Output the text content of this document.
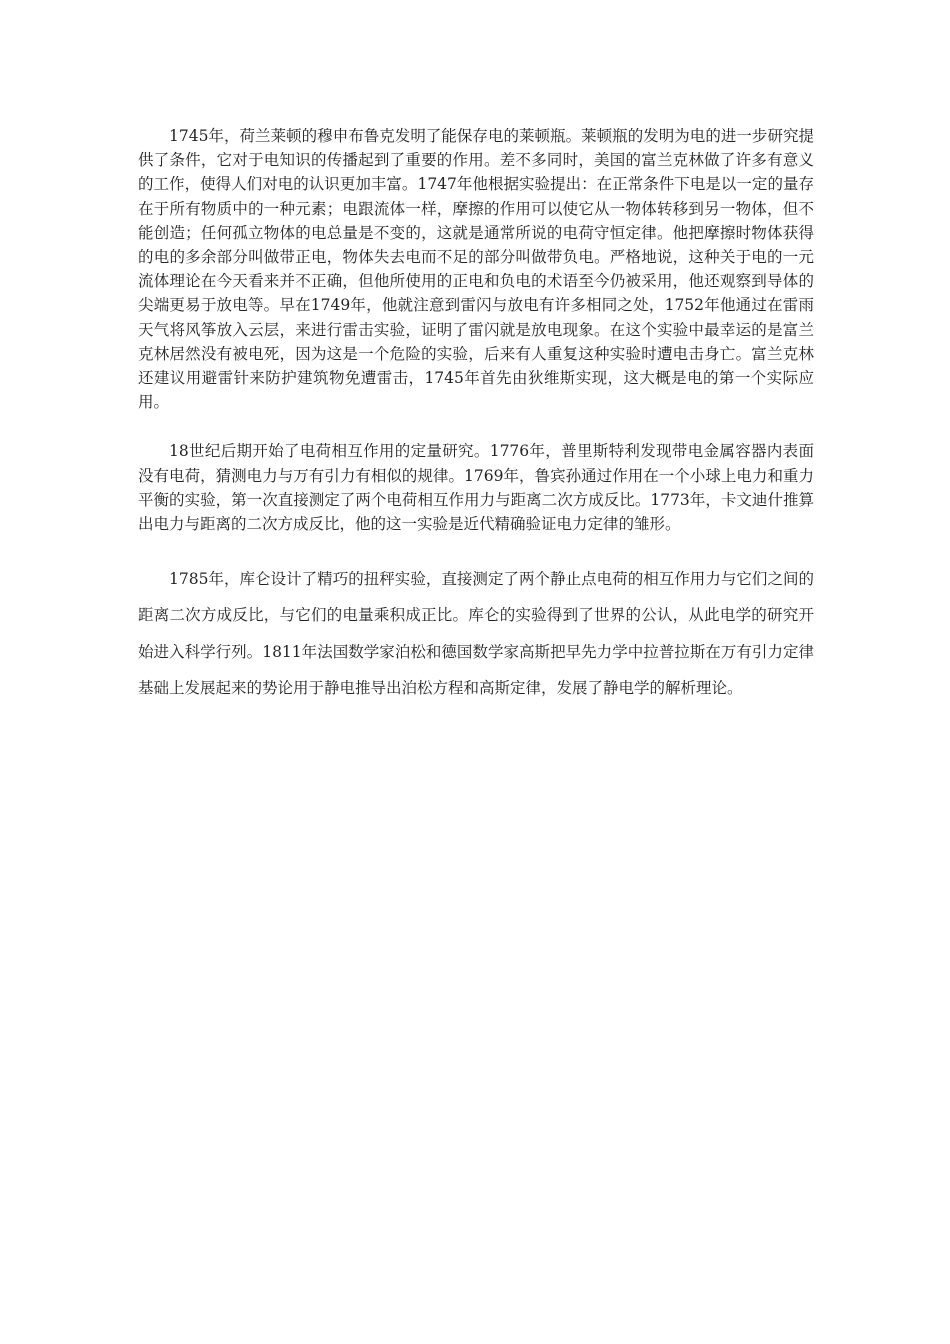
1745年，荷兰莱顿的穆申布鲁克发明了能保存电的莱顿瓶。莱顿瓶的发明为电的进一步研究提供了条件，它对于电知识的传播起到了重要的作用。差不多同时，美国的富兰克林做了许多有意义的工作，使得人们对电的认识更加丰富。1747年他根据实验提出：在正常条件下电是以一定的量存在于所有物质中的一种元素；电跟流体一样，摩擦的作用可以使它从一物体转移到另一物体，但不能创造；任何孤立物体的电总量是不变的，这就是通常所说的电荷守恒定律。他把摩擦时物体获得的电的多余部分叫做带正电，物体失去电而不足的部分叫做带负电。严格地说，这种关于电的一元流体理论在今天看来并不正确，但他所使用的正电和负电的术语至今仍被采用，他还观察到导体的尖端更易于放电等。早在1749年，他就注意到雷闪与放电有许多相同之处，1752年他通过在雷雨天气将风筝放入云层，来进行雷击实验，证明了雷闪就是放电现象。在这个实验中最幸运的是富兰克林居然没有被电死，因为这是一个危险的实验，后来有人重复这种实验时遭电击身亡。富兰克林还建议用避雷针来防护建筑物免遭雷击，1745年首先由狄维斯实现，这大概是电的第一个实际应用。

18世纪后期开始了电荷相互作用的定量研究。1776年，普里斯特利发现带电金属容器内表面没有电荷，猜测电力与万有引力有相似的规律。1769年，鲁宾孙通过作用在一个小球上电力和重力平衡的实验，第一次直接测定了两个电荷相互作用力与距离二次方成反比。1773年，卡文迪什推算出电力与距离的二次方成反比，他的这一实验是近代精确验证电力定律的雏形。

1785年，库仑设计了精巧的扭秤实验，直接测定了两个静止点电荷的相互作用力与它们之间的距离二次方成反比，与它们的电量乘积成正比。库仑的实验得到了世界的公认，从此电学的研究开始进入科学行列。1811年法国数学家泊松和德国数学家高斯把早先力学中拉普拉斯在万有引力定律基础上发展起来的势论用于静电推导出泊松方程和高斯定律，发展了静电学的解析理论。
